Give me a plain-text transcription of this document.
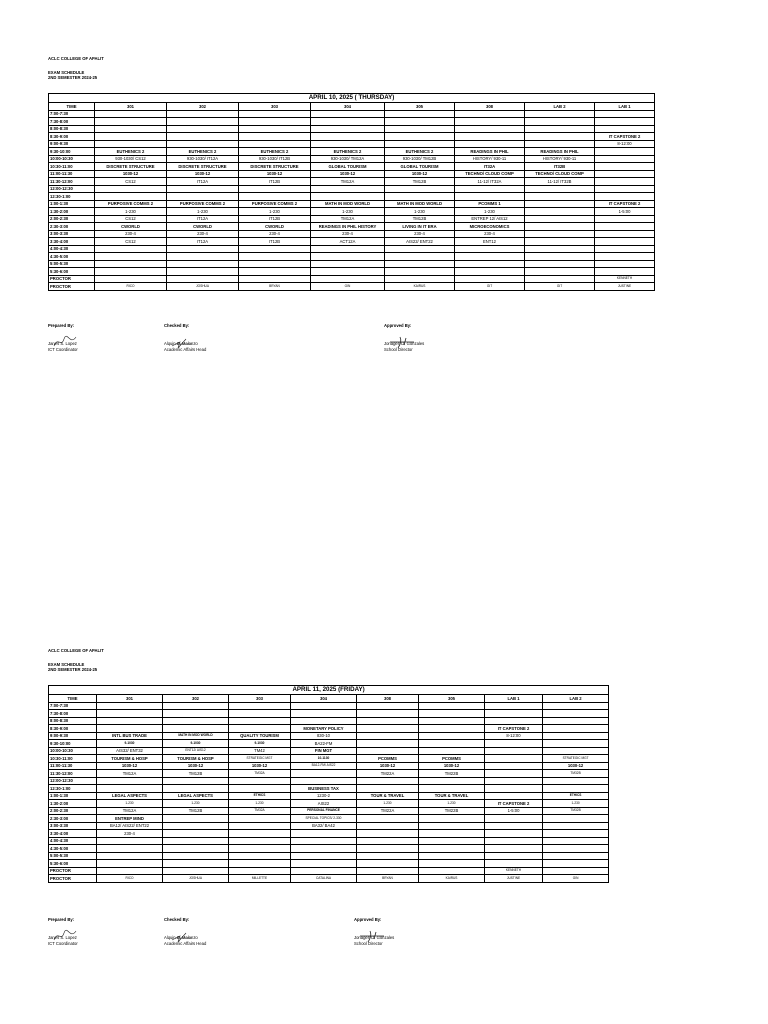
ACLC COLLEGE OF APALIT
EXAM SCHEDULE
2ND SEMESTER 2024-25
APRIL 10, 2025 ( THURSDAY)								
TIME	301	302	303	304	305	308	LAB 2	LAB 1
7:00-7:30								
7:30-8:00								
8:00-8:30								
8:30-9:00								IT CAPSTONE 2
9:00-9:30								8-12:00
9:30-10:00	EUTHENICS 2	EUTHENICS 2	EUTHENICS 2	EUTHENICS 2	EUTHENICS 2	READINGS IN PHIL	READINGS IN PHIL	
10:00-10:30	930-1030/ CS12	930-1030/ IT12A	930-1030/ IT12B	930-1030/ TM12A	930-1030/ TM12B	HISTORY/ 930-11	HISTORY/ 930-11	
10:30-11:00	DISCRETE STRUCTURE	DISCRETE STRUCTURE	DISCRETE STRUCTURE	GLOBAL TOURISM	GLOBAL TOURISM	IT32A	IT32B	
11:00-11:30	1030-12	1030-12	1030-12	1030-12	1030-12	TECHNO/ CLOUD COMP	TECHNO/ CLOUD COMP	
11:30-12:00	CS12	IT12A	IT12B	TM12A	TM12B	11-12/ IT32A	11-12/ IT32B	
12:00-12:30								
12:30-1:00								
1:00-1:30	PURPOSIVE COMMS 2	PURPOSIVE COMMS 2	PURPOSIVE COMMS 2	MATH IN MOD WORLD	MATH IN MOD WORLD	PCOMMS 1		IT CAPSTONE 2
1:30-2:00	1-230	1-230	1-230	1-230	1-230	1-230		1-5:00
2:00-2:30	CS12	IT12A	IT12B	TM12A	TM12B	ENTREP 12/ AIS12		
2:30-3:00	CWORLD	CWORLD	CWORLD	READINGS IN PHIL HISTORY	LIVING IN IT ERA	MICROECONOMICS		
3:00-3:30	230-4	230-4	230-4	230-4	230-4	230-4		
3:30-4:00	CS12	IT12A	IT12B	ACT12A	AIS22/ ENT22	ENT12		
4:00-4:30								
4:30-5:00								
5:00-5:30								
5:30-6:00								
PROCTOR								KENNETH
PROCTOR	RICO	JOSHUA	BRYAN	GIN	KAIRUS	GIT	GIT	JUSTINE
Prepared By:
Janes S. Lopez
ICT Coordinator
Checked By:
Alquin S. Malonzo
Academic Affairs Head
Approved By:
Jonagen D. Gonzales
School Director
ACLC COLLEGE OF APALIT
EXAM SCHEDULE
2ND SEMESTER 2024-25
APRIL 11, 2025 (FRIDAY)								
TIME	301	302	303	304	308	305	LAB 1	LAB 2
7:00-7:30								
7:30-8:00								
8:00-8:30								
8:30-9:00				MONETARY POLICY			IT CAPSTONE 2	
9:00-9:30	INTL BUS TRADE	MATH IN MOD WORLD	QUALITY TOURISM	830-10			8-12:00	
9:30-10:00	9-1030	9-1030	9-1030	BA22-FM				
10:00-10:30	AIS32/ ENT32	ENT12/ AIS12	TM42	FIN MGT				
10:30-11:00	TOURISM & HOSP	TOURISM & HOSP	STRATEGIC MGT	10-1130	PCOMMS	PCOMMS		STRATEGIC MGT
11:00-11:30	1030-12	1030-12	1030-12	BA12-FM/ AIS22	1030-12	1030-12		1030-12
11:30-12:00	TM12A	TM12B	TM32A		TM22A	TM22B		TM32B
12:00-12:30								
12:30-1:00				BUSINESS TAX				
1:00-1:30	LEGAL ASPECTS	LEGAL ASPECTS	ETHICS	1230-2	TOUR & TRAVEL	TOUR & TRAVEL		ETHICS
1:30-2:00	1-230	1-230	1-230	AIS22	1-230	1-230	IT CAPSTONE 2	1-230
2:00-2:30	TM12A	TM12B	TM32A	PERSONAL FINANCE	TM22A	TM22B	1-5:00	TM32B
2:30-3:00	ENTREP MIND			SPECIAL TOPICS/ 2-330				
3:00-3:30	BA12/ AIS22/ ENT22			BA32/ BA42				
3:30-4:00	230-4							
4:00-4:30								
4:30-5:00								
5:00-5:30								
5:30-6:00								
PROCTOR							KENNETH	
PROCTOR	RICO	JOSHUA	MILLETTE	CATALINA	BRYAN	KAIRUS	JUSTINE	GIN
Prepared By:
Janes S. Lopez
ICT Coordinator
Checked By:
Alquin S. Malonzo
Academic Affairs Head
Approved By:
Jonagen D. Gonzales
School Director
